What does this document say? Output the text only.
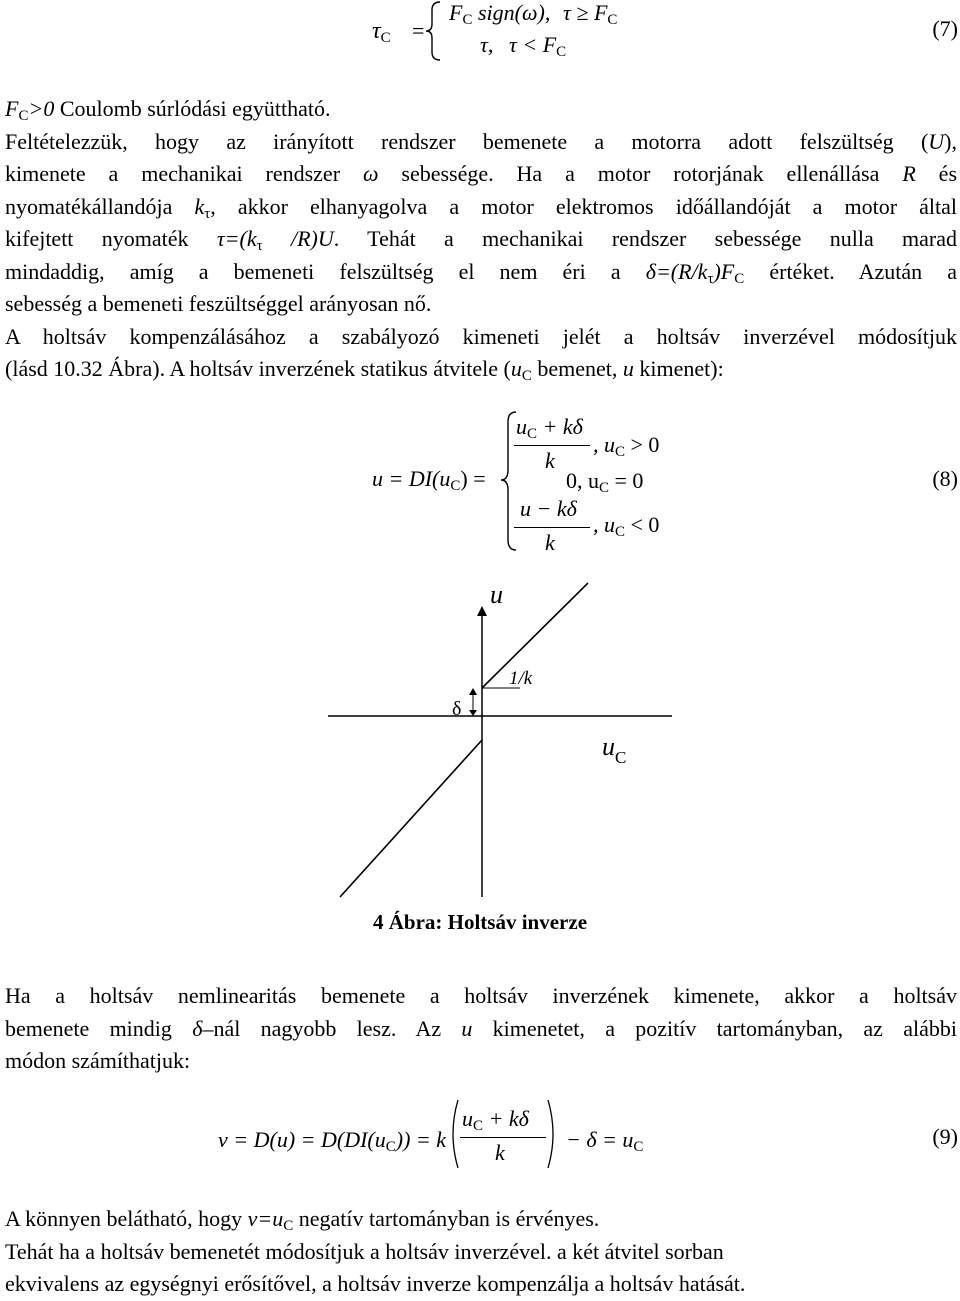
$\tau_C$ =
$F_C$ sign(ω), $\tau \ge F_C$
τ, $\tau < F_C$
(7)
$F_C>0$ Coulomb súrlódási együttható.
Feltételezzük, hogy az irányított rendszer bemenete a motorra adott felszültség (U),
kimenete a mechanikai rendszer ω sebessége. Ha a motor rotorjának ellenállása R és
nyomatékállandója $k_\tau$, akkor elhanyagolva a motor elektromos időállandóját a motor által
kifejtett nyomaték $\tau=(k_\tau$ /R)U. Tehát a mechanikai rendszer sebessége nulla marad
mindaddig, amíg a bemeneti felszültség el nem éri a $\delta=(R/k_\tau)F_C$ értéket. Azután a
sebesség a bemeneti feszültséggel arányosan nő.
A holtsáv kompenzálásához a szabályozó kimeneti jelét a holtsáv inverzével módosítjuk
(lásd 10.32 Ábra). A holtsáv inverzének statikus átvitele ($u_C$ bemenet, u kimenet):
$u = DI(u_C)$ =
$u_C + k\delta$
k
, $u_C > 0$
0, $u_C = 0$
u − kδ
k
, $u_C < 0$
(8)
u
1/k
δ
$u_C$
4 Ábra: Holtsáv inverze
Ha a holtsáv nemlinearitás bemenete a holtsáv inverzének kimenete, akkor a holtsáv
bemenete mindig δ–nál nagyobb lesz. Az u kimenetet, a pozitív tartományban, az alábbi
módon számíthatjuk:
$v = D(u) = D(DI(u_C)) = k$
$u_C + k\delta$
k
− $\delta = u_C$	(9)
A könnyen belátható, hogy $v=u_C$ negatív tartományban is érvényes.
Tehát ha a holtsáv bemenetét módosítjuk a holtsáv inverzével. a két átvitel sorban
ekvivalens az egységnyi erősítővel, a holtsáv inverze kompenzálja a holtsáv hatását.
